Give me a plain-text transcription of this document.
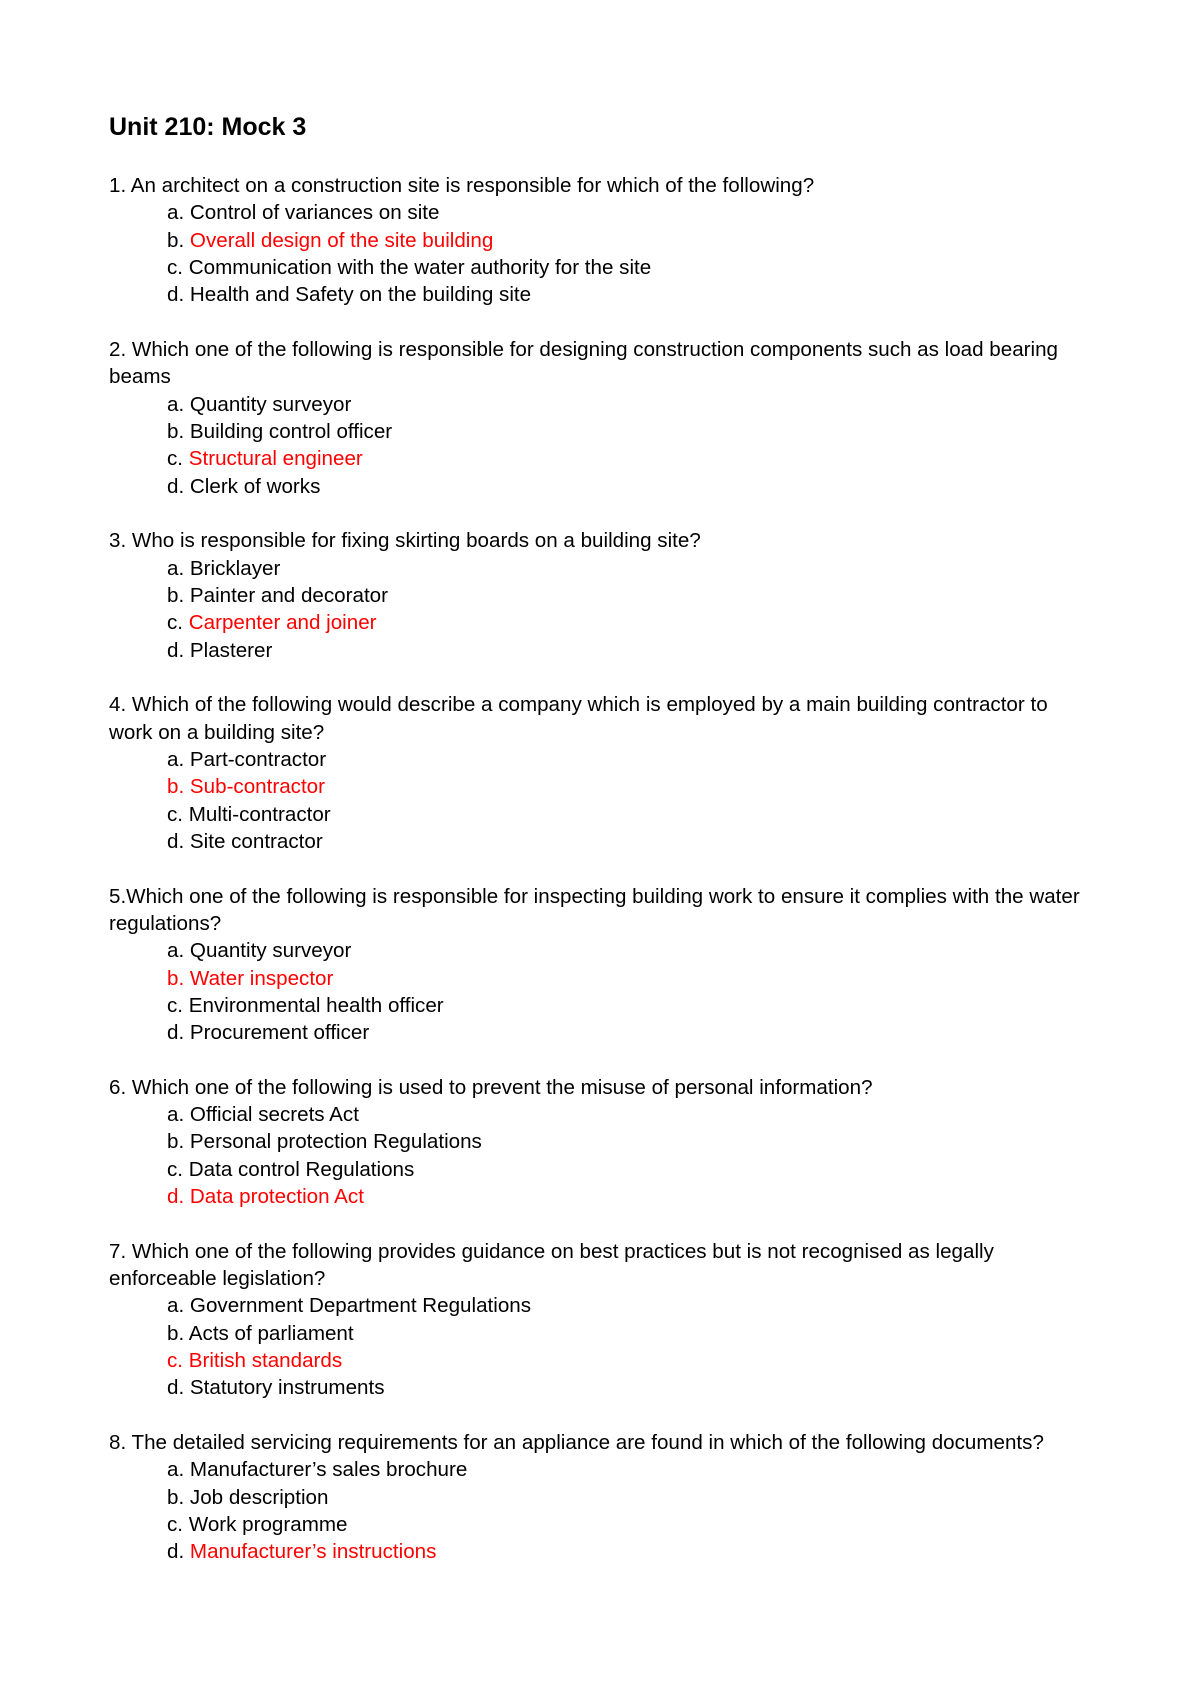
Unit 210: Mock 3
1. An architect on a construction site is responsible for which of the following?
a. Control of variances on site
b. Overall design of the site building
c. Communication with the water authority for the site
d. Health and Safety on the building site
2. Which one of the following is responsible for designing construction components such as load bearing
beams
a. Quantity surveyor
b. Building control officer
c. Structural engineer
d. Clerk of works
3. Who is responsible for fixing skirting boards on a building site?
a. Bricklayer
b. Painter and decorator
c. Carpenter and joiner
d. Plasterer
4. Which of the following would describe a company which is employed by a main building contractor to
work on a building site?
a. Part-contractor
b. Sub-contractor
c. Multi-contractor
d. Site contractor
5.Which one of the following is responsible for inspecting building work to ensure it complies with the water
regulations?
a. Quantity surveyor
b. Water inspector
c. Environmental health officer
d. Procurement officer
6. Which one of the following is used to prevent the misuse of personal information?
a. Official secrets Act
b. Personal protection Regulations
c. Data control Regulations
d. Data protection Act
7. Which one of the following provides guidance on best practices but is not recognised as legally
enforceable legislation?
a. Government Department Regulations
b. Acts of parliament
c. British standards
d. Statutory instruments
8. The detailed servicing requirements for an appliance are found in which of the following documents?
a. Manufacturer’s sales brochure
b. Job description
c. Work programme
d. Manufacturer’s instructions
